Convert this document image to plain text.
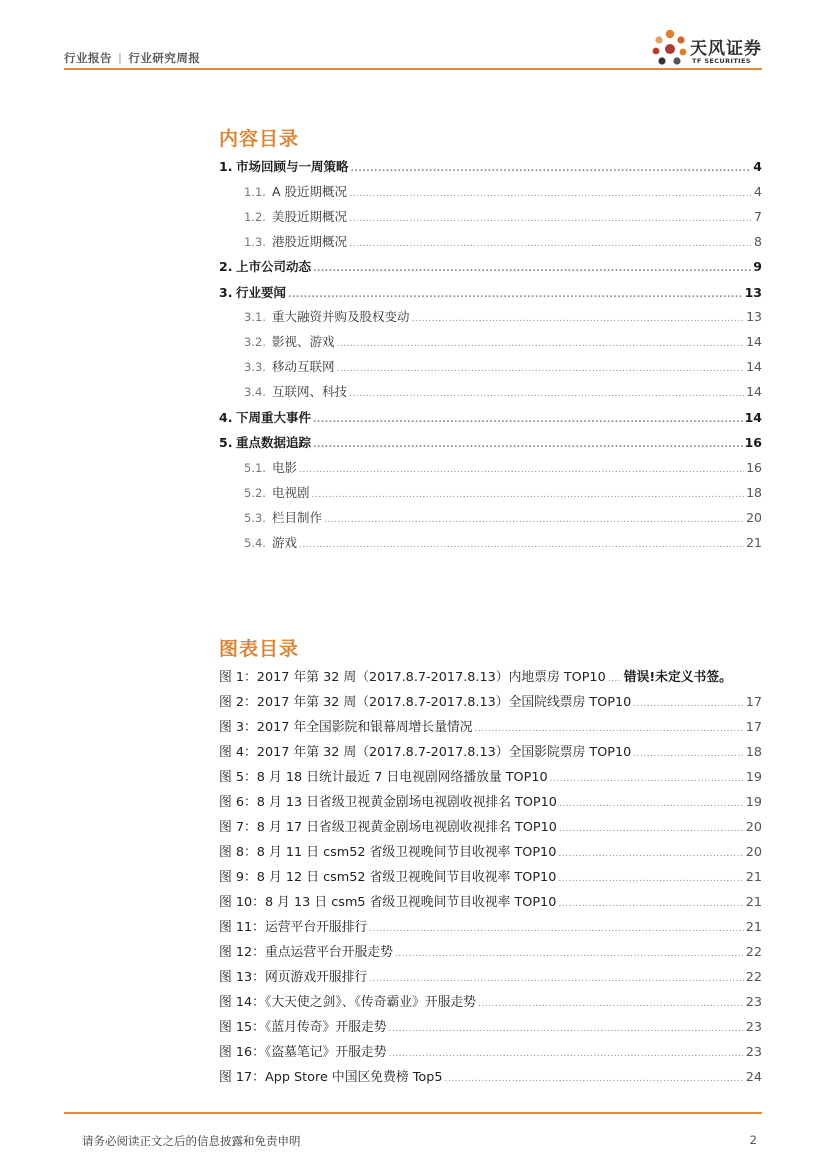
行业报告 | 行业研究周报	天风证券
TF SECURITIES
内容目录
1. 市场回顾与一周策略 .....	4
1.1. A 股近期概况 .....	4
1.2. 美股近期概况 .....	7
1.3. 港股近期概况 .....	8
2. 上市公司动态 .....	9
3. 行业要闻 .....	13
3.1. 重大融资并购及股权变动 .....	13
3.2. 影视、游戏 .....	14
3.3. 移动互联网 .....	14
3.4. 互联网、科技 .....	14
4. 下周重大事件 .....	14
5. 重点数据追踪 .....	16
5.1. 电影 .....	16
5.2. 电视剧 .....	18
5.3. 栏目制作 .....	20
5.4. 游戏 .....	21
图表目录
图 1：2017 年第 32 周（2017.8.7-2017.8.13）内地票房 TOP10 ..... 错误!未定义书签。
图 2：2017 年第 32 周（2017.8.7-2017.8.13）全国院线票房 TOP10 .....	17
图 3：2017 年全国影院和银幕周增长量情况 .....	17
图 4：2017 年第 32 周（2017.8.7-2017.8.13）全国影院票房 TOP10 .....	18
图 5：8 月 18 日统计最近 7 日电视剧网络播放量 TOP10 .....	19
图 6：8 月 13 日省级卫视黄金剧场电视剧收视排名 TOP10 .....	19
图 7：8 月 17 日省级卫视黄金剧场电视剧收视排名 TOP10 .....	20
图 8：8 月 11 日 csm52 省级卫视晚间节目收视率 TOP10 .....	20
图 9：8 月 12 日 csm52 省级卫视晚间节目收视率 TOP10 .....	21
图 10：8 月 13 日 csm5 省级卫视晚间节目收视率 TOP10 .....	21
图 11：运营平台开服排行 .....	21
图 12：重点运营平台开服走势 .....	22
图 13：网页游戏开服排行 .....	22
图 14：《大天使之剑》、《传奇霸业》开服走势 .....	23
图 15：《蓝月传奇》开服走势 .....	23
图 16：《盗墓笔记》开服走势 .....	23
图 17：App Store 中国区免费榜 Top5 .....	24
请务必阅读正文之后的信息披露和免责申明	2
